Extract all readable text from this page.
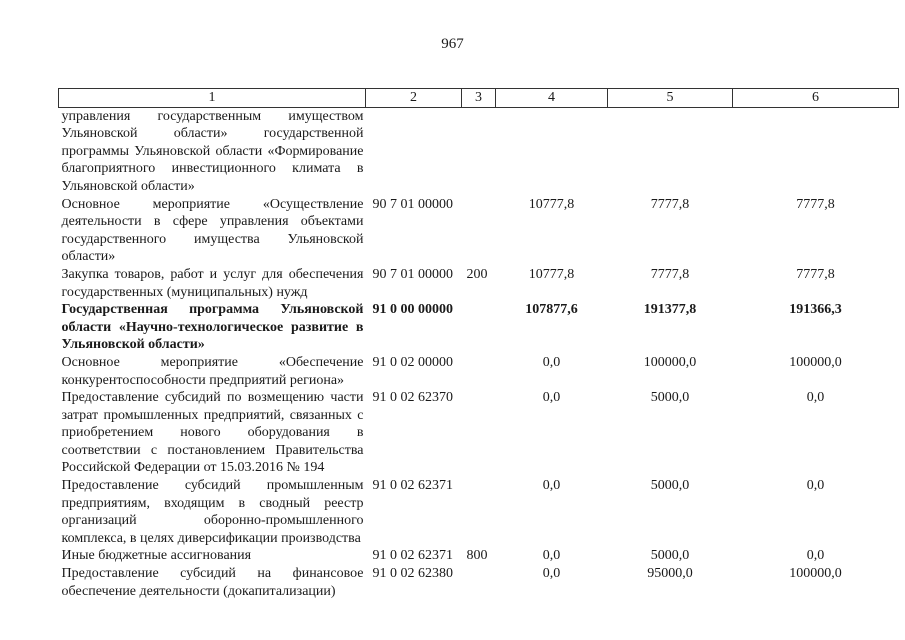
967
1	2	3	4	5	6
управления государственным имуществом Ульяновской области» государственной программы Ульяновской области «Формирование благоприятного инвестиционного климата в Ульяновской области»					
Основное мероприятие «Осуществление деятельности в сфере управления объектами государственного имущества Ульяновской области»	90 7 01 00000		10777,8	7777,8	7777,8
Закупка товаров, работ и услуг для обеспечения государственных (муниципальных) нужд	90 7 01 00000	200	10777,8	7777,8	7777,8
Государственная программа Ульяновской области «Научно-технологическое развитие в Ульяновской области»	91 0 00 00000		107877,6	191377,8	191366,3
Основное мероприятие «Обеспечение конкурентоспособности предприятий региона»	91 0 02 00000		0,0	100000,0	100000,0
Предоставление субсидий по возмещению части затрат промышленных предприятий, связанных с приобретением нового оборудования в соответствии с постановлением Правительства Российской Федерации от 15.03.2016 № 194	91 0 02 62370		0,0	5000,0	0,0
Предоставление субсидий промышленным предприятиям, входящим в сводный реестр организаций оборонно-промышленного комплекса, в целях диверсификации производства	91 0 02 62371		0,0	5000,0	0,0
Иные бюджетные ассигнования	91 0 02 62371	800	0,0	5000,0	0,0
Предоставление субсидий на финансовое обеспечение деятельности (докапитализации)	91 0 02 62380		0,0	95000,0	100000,0
